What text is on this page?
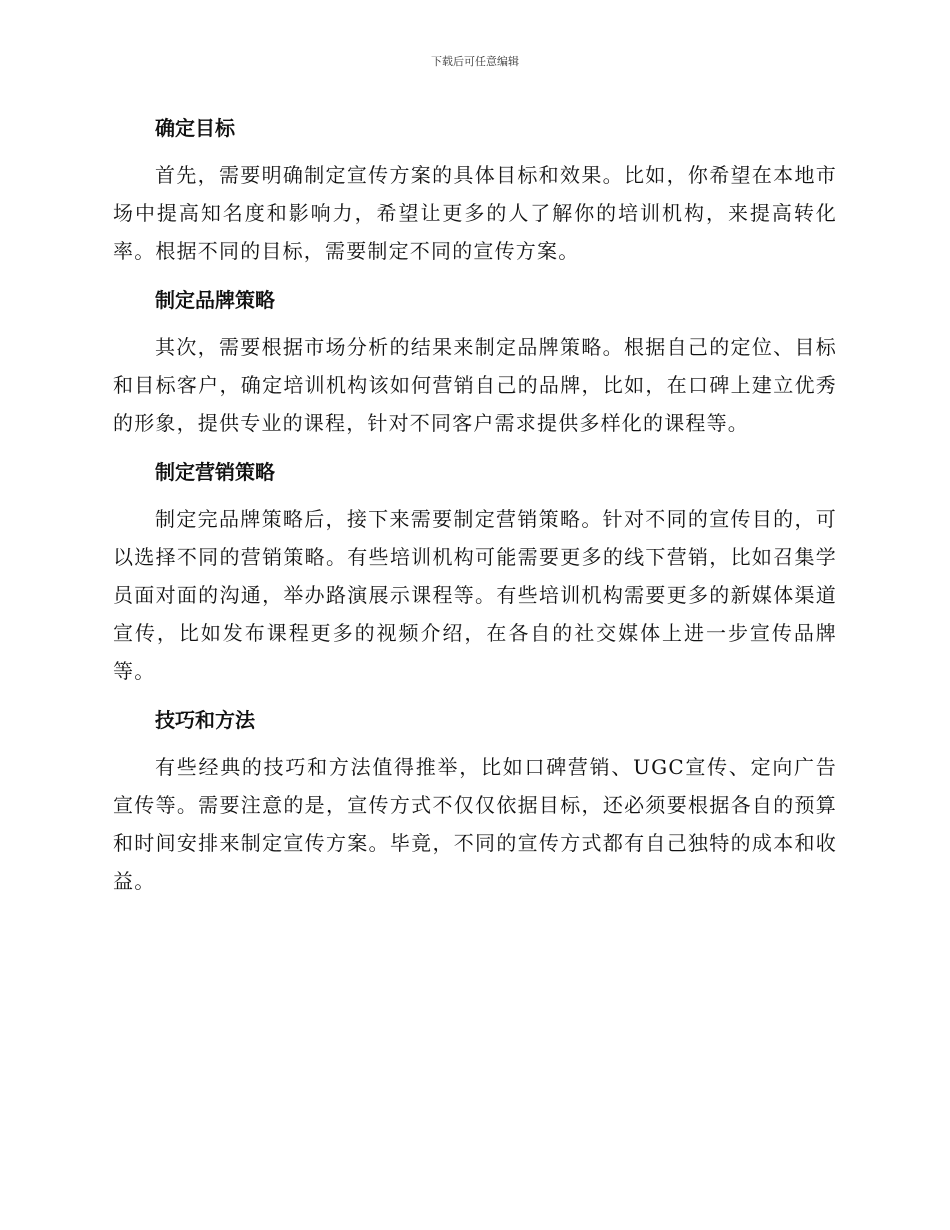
下载后可任意编辑
确定目标

首先，需要明确制定宣传方案的具体目标和效果。比如，你希望在本地市场中提高知名度和影响力，希望让更多的人了解你的培训机构，来提高转化率。根据不同的目标，需要制定不同的宣传方案。

制定品牌策略

其次，需要根据市场分析的结果来制定品牌策略。根据自己的定位、目标和目标客户，确定培训机构该如何营销自己的品牌，比如，在口碑上建立优秀的形象，提供专业的课程，针对不同客户需求提供多样化的课程等。

制定营销策略

制定完品牌策略后，接下来需要制定营销策略。针对不同的宣传目的，可以选择不同的营销策略。有些培训机构可能需要更多的线下营销，比如召集学员面对面的沟通，举办路演展示课程等。有些培训机构需要更多的新媒体渠道宣传，比如发布课程更多的视频介绍，在各自的社交媒体上进一步宣传品牌等。

技巧和方法

有些经典的技巧和方法值得推举，比如口碑营销、UGC宣传、定向广告宣传等。需要注意的是，宣传方式不仅仅依据目标，还必须要根据各自的预算和时间安排来制定宣传方案。毕竟，不同的宣传方式都有自己独特的成本和收益。
